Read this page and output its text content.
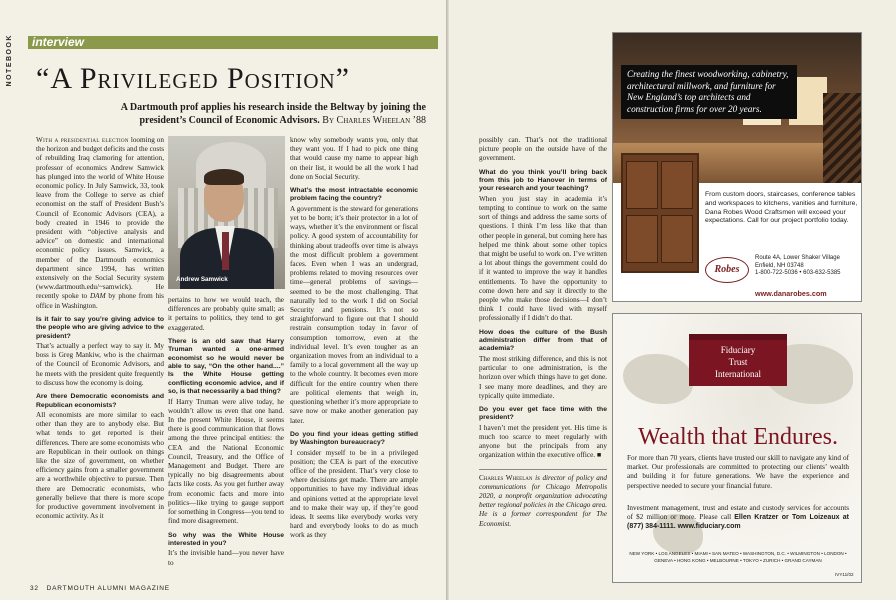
NOTEBOOK interview
“A Privileged Position”
A Dartmouth prof applies his research inside the Beltway by joining the president’s Council of Economic Advisors. By Charles Wheelan ’88

With a presidential election looming on the horizon and budget deficits and the costs of rebuilding Iraq clamoring for attention, professor of economics Andrew Samwick has plunged into the world of White House economic policy. In July Samwick, 33, took leave from the College to serve as chief economist on the staff of President Bush’s Council of Economic Advisors (CEA), a body created in 1946 to provide the president with “objective analysis and advice” on domestic and international economic policy issues. Samwick, a member of the Dartmouth economics department since 1994, has written extensively on the Social Security system (www.dartmouth.edu/~samwick). He recently spoke to DAM by phone from his office in Washington.

Is it fair to say you’re giving advice to the people who are giving advice to the president?

That’s actually a perfect way to say it. My boss is Greg Mankiw, who is the chairman of the Council of Economic Advisors, and he meets with the president quite frequently to discuss how the economy is doing.

Are there Democratic economists and Republican economists?

All economists are more similar to each other than they are to anybody else. But what tends to get reported is their differences. There are some economists who are Republican in their outlook on things like the size of government, on whether efficiency gains from a smaller government are a worthwhile objective to pursue. Then there are Democratic economists, who generally believe that there is more scope for productive government involvement in economic activity. As it

Andrew Samwick

pertains to how we would teach, the differences are probably quite small; as it pertains to politics, they tend to get exaggerated.

There is an old saw that Harry Truman wanted a one-armed economist so he would never be able to say, “On the other hand....” Is the White House getting conflicting economic advice, and if so, is that necessarily a bad thing?

If Harry Truman were alive today, he wouldn’t allow us even that one hand. In the present White House, it seems there is good communication that flows among the three principal entities: the CEA and the National Economic Council, Treasury, and the Office of Management and Budget. There are typically no big disagreements about facts like costs. As you get further away from economic facts and more into politics—like trying to gauge support for something in Congress—you tend to find more disagreement.

So why was the White House interested in you?

It’s the invisible hand—you never have to

know why somebody wants you, only that they want you. If I had to pick one thing that would cause my name to appear high on their list, it would be all the work I had done on Social Security.

What’s the most intractable economic problem facing the country?

A government is the steward for generations yet to be born; it’s their protector in a lot of ways, whether it’s the environment or fiscal policy. A good system of accountability for thinking about tradeoffs over time is always the most difficult problem a government faces. Even when I was an undergrad, problems related to moving resources over time—general problems of savings—seemed to be the most challenging. That naturally led to the work I did on Social Security and pensions. It’s not so straightforward to figure out that I should restrain consumption today in favor of consumption tomorrow, even at the individual level. It’s even tougher as an organization moves from an individual to a family to a local government all the way up to the whole country. It becomes even more difficult for the entire country when there are political elements that weigh in, questioning whether it’s more appropriate to save now or make another generation pay later.

Do you find your ideas getting stifled by Washington bureaucracy?

I consider myself to be in a privileged position; the CEA is part of the executive office of the president. That’s very close to where decisions get made. There are ample opportunities to have my individual ideas and opinions vetted at the appropriate level and to make their way up, if they’re good ideas. It seems like everybody works very hard and everybody looks to do as much work as they

32 DARTMOUTH ALUMNI MAGAZINE

possibly can. That’s not the traditional picture people on the outside have of the government.

What do you think you’ll bring back from this job to Hanover in terms of your research and your teaching?

When you just stay in academia it’s tempting to continue to work on the same sort of things and address the same sorts of questions. I think I’m less like that than other people in general, but coming here has helped me think about some other topics that might be useful to work on. I’ve written a lot about things the government could do if it wanted to improve the way it handles entitlements. To have the opportunity to come down here and say it directly to the people who make those decisions—I don’t think I could have lived with myself professionally if I didn’t do that.

How does the culture of the Bush administration differ from that of academia?

The most striking difference, and this is not particular to one administration, is the horizon over which things have to get done. I see many more deadlines, and they are typically quite immediate.

Do you ever get face time with the president?

I haven’t met the president yet. His time is much too scarce to meet regularly with anyone but the principals from any organization within the executive office. ■

Charles Wheelan is director of policy and communications for Chicago Metropolis 2020, a nonprofit organization advocating better regional policies in the Chicago area. He is a former correspondent for The Economist.

Creating the finest woodworking, cabinetry, architectural millwork, and furniture for New England’s top architects and construction firms for over 20 years.
From custom doors, staircases, conference tables and workspaces to kitchens, vanities and furniture, Dana Robes Wood Craftsmen will exceed your expectations. Call for our project portfolio today.
Robes
Route 4A, Lower Shaker Village
Enfield, NH 03748
1-800-722-5036 • 603-632-5385
www.danarobes.com
Fiduciary
Trust
International
Wealth that Endures.
For more than 70 years, clients have trusted our skill to navigate any kind of market. Our professionals are committed to protecting our clients’ wealth and building it for future generations. We have the experience and perspective needed to secure your financial future.
Investment management, trust and estate and custody services for accounts of $2 million or more. Please call Ellen Kratzer or Tom Loizeaux at (877) 384-1111. www.fiduciary.com
NEW YORK • LOS ANGELES • MIAMI • SAN MATEO • WASHINGTON, D.C. • WILMINGTON • LONDON • GENEVA • HONG KONG • MELBOURNE • TOKYO • ZURICH • GRAND CAYMAN
IVY11/02
